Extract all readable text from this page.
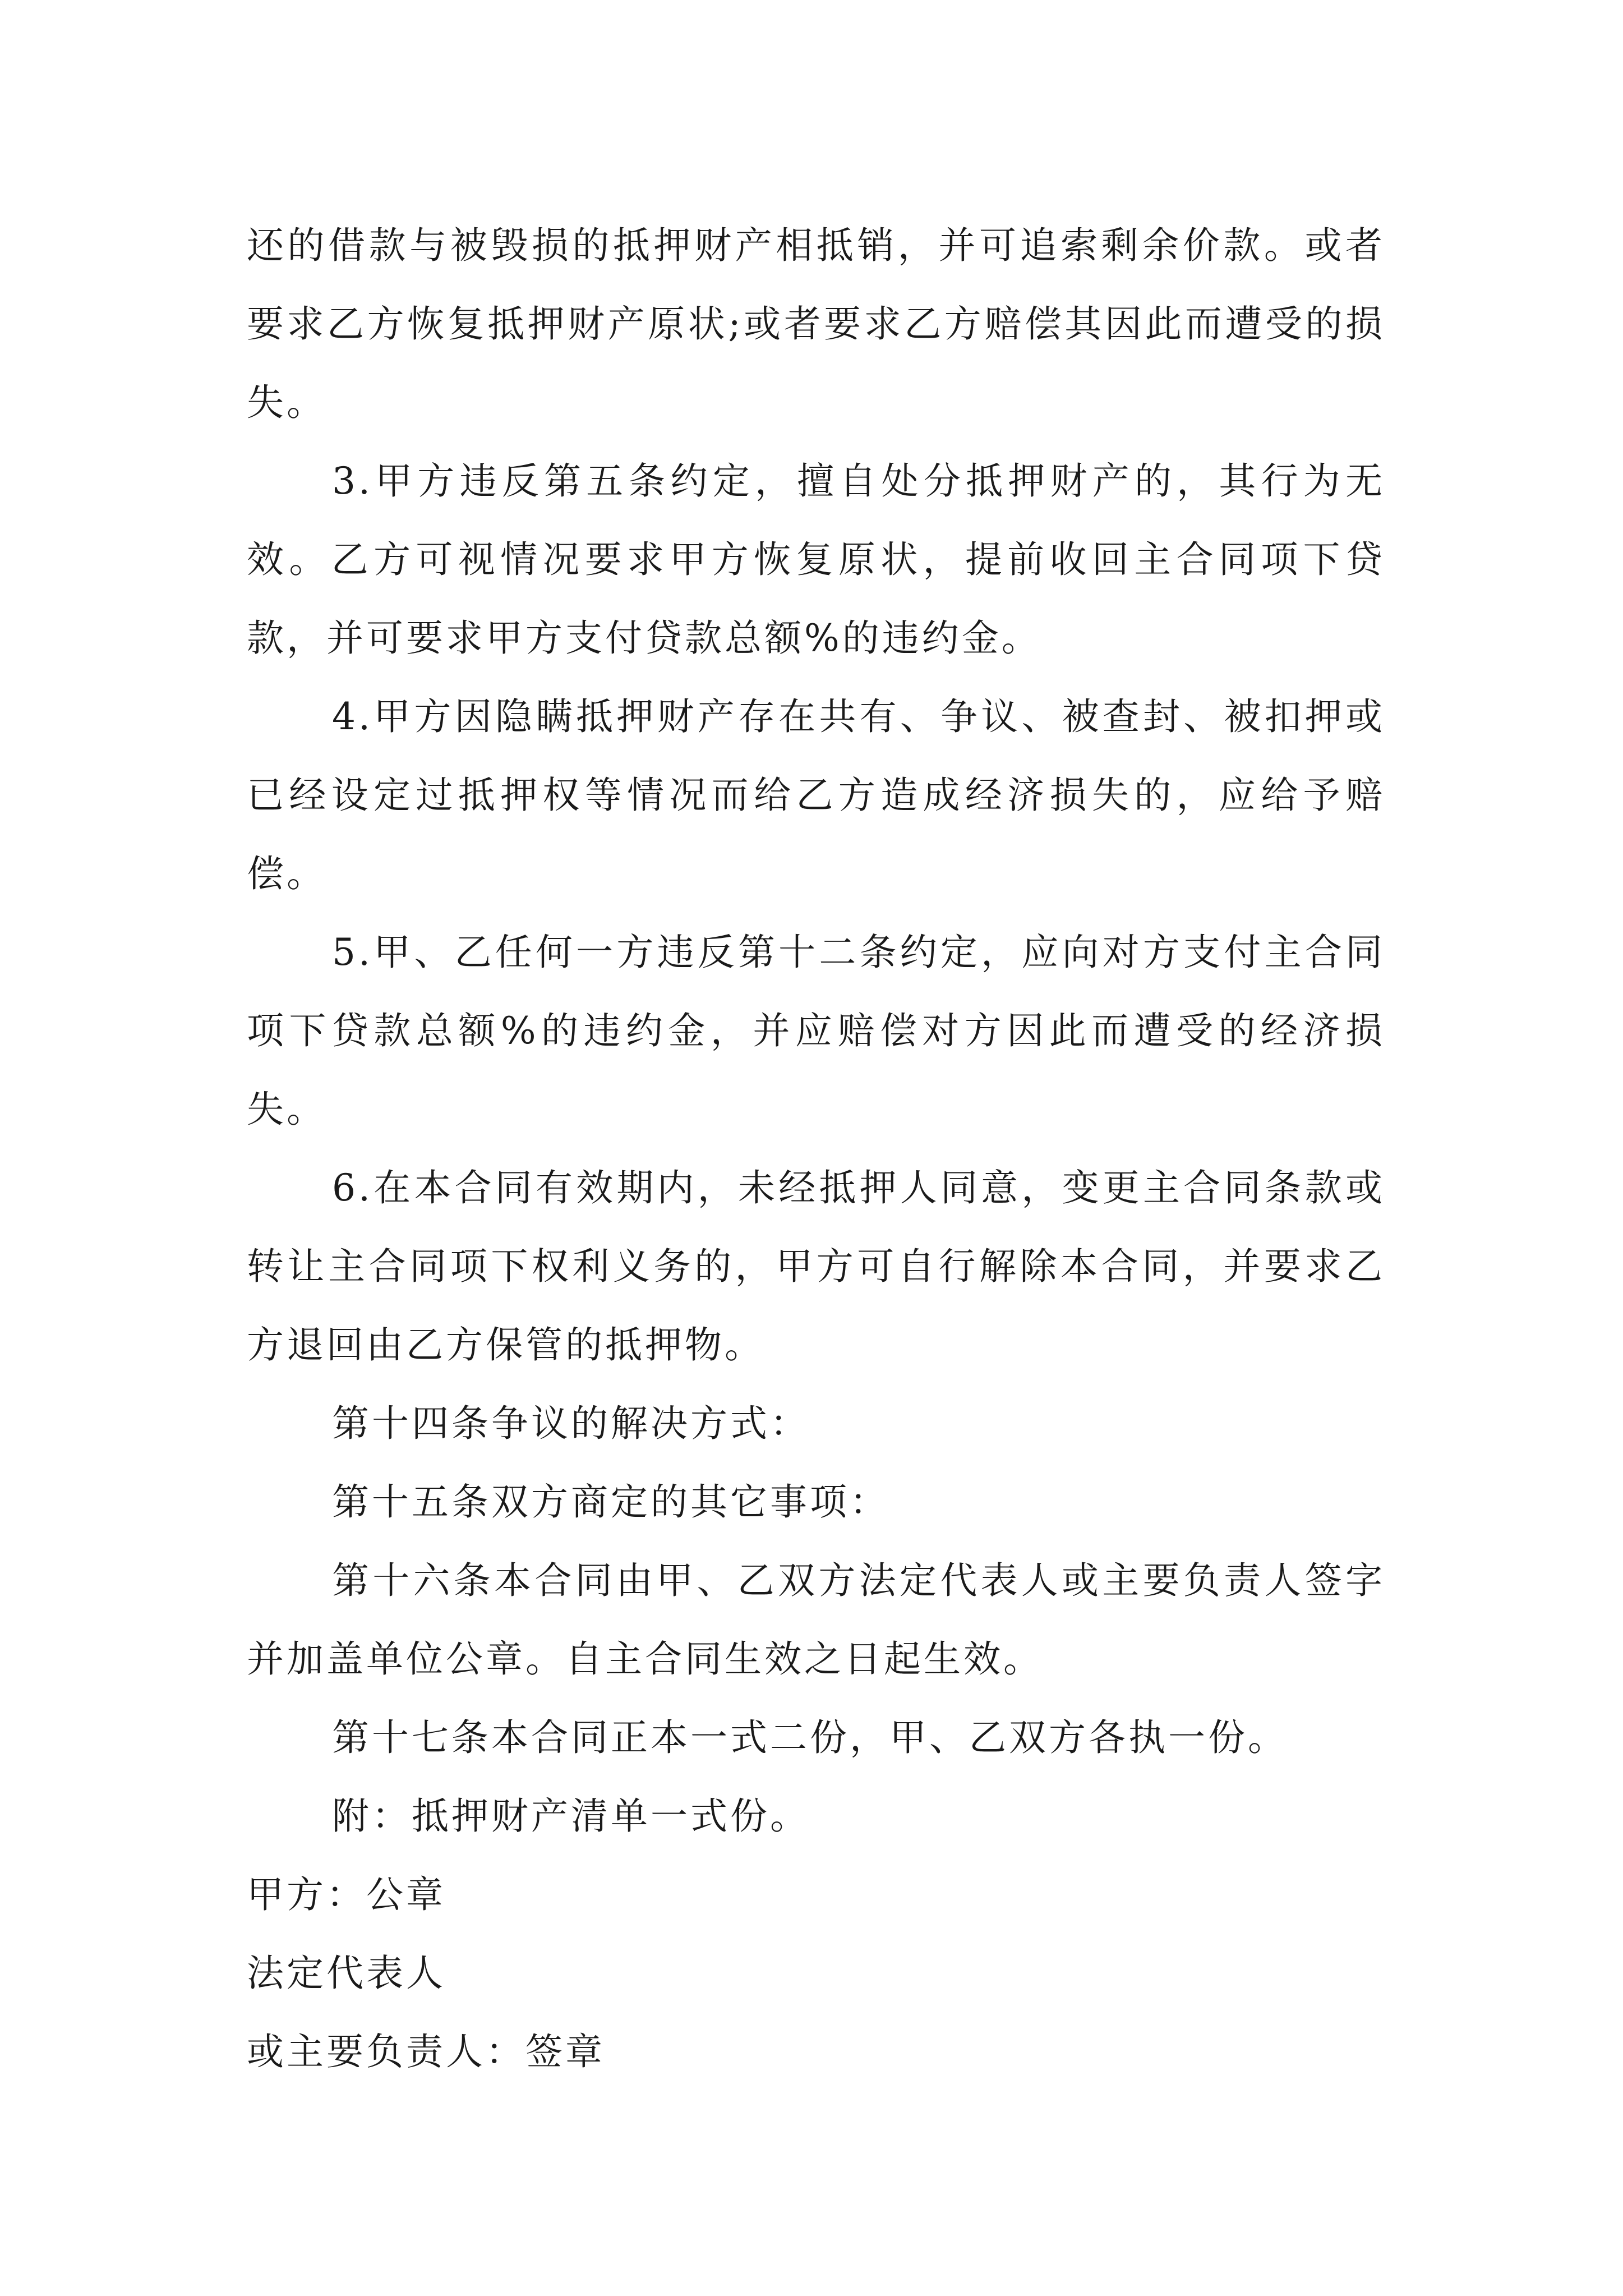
还的借款与被毁损的抵押财产相抵销，并可追索剩余价款。或者要求乙方恢复抵押财产原状;或者要求乙方赔偿其因此而遭受的损失。

3.甲方违反第五条约定，擅自处分抵押财产的，其行为无效。乙方可视情况要求甲方恢复原状，提前收回主合同项下贷款，并可要求甲方支付贷款总额%的违约金。

4.甲方因隐瞒抵押财产存在共有、争议、被查封、被扣押或已经设定过抵押权等情况而给乙方造成经济损失的，应给予赔偿。

5.甲、乙任何一方违反第十二条约定，应向对方支付主合同项下贷款总额%的违约金，并应赔偿对方因此而遭受的经济损失。

6.在本合同有效期内，未经抵押人同意，变更主合同条款或转让主合同项下权利义务的，甲方可自行解除本合同，并要求乙方退回由乙方保管的抵押物。

第十四条争议的解决方式：

第十五条双方商定的其它事项：

第十六条本合同由甲、乙双方法定代表人或主要负责人签字并加盖单位公章。自主合同生效之日起生效。

第十七条本合同正本一式二份，甲、乙双方各执一份。

附：抵押财产清单一式份。

甲方：公章

法定代表人

或主要负责人：签章
